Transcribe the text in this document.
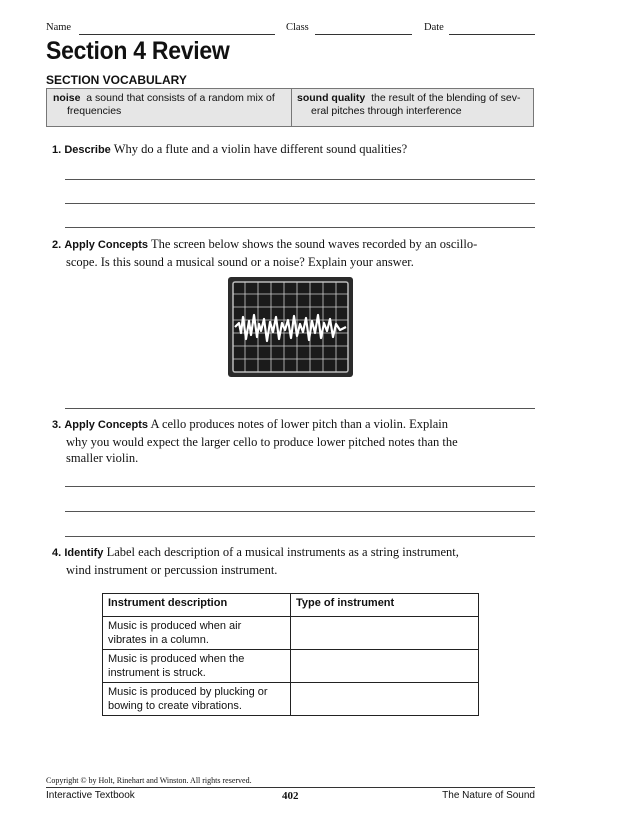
Name	Class	Date
Section 4 Review
SECTION VOCABULARY
noise a sound that consists of a random mix of
frequencies
sound quality the result of the blending of sev-
eral pitches through interference
1. Describe Why do a flute and a violin have different sound qualities?
2. Apply Concepts The screen below shows the sound waves recorded by an oscillo-
scope. Is this sound a musical sound or a noise? Explain your answer.
3. Apply Concepts A cello produces notes of lower pitch than a violin. Explain
why you would expect the larger cello to produce lower pitched notes than the
smaller violin.
4. Identify Label each description of a musical instruments as a string instrument,
wind instrument or percussion instrument.
Instrument description	Type of instrument
Music is produced when air
vibrates in a column.	
Music is produced when the
instrument is struck.	
Music is produced by plucking or
bowing to create vibrations.	
Copyright © by Holt, Rinehart and Winston. All rights reserved.
Interactive Textbook	402	The Nature of Sound
